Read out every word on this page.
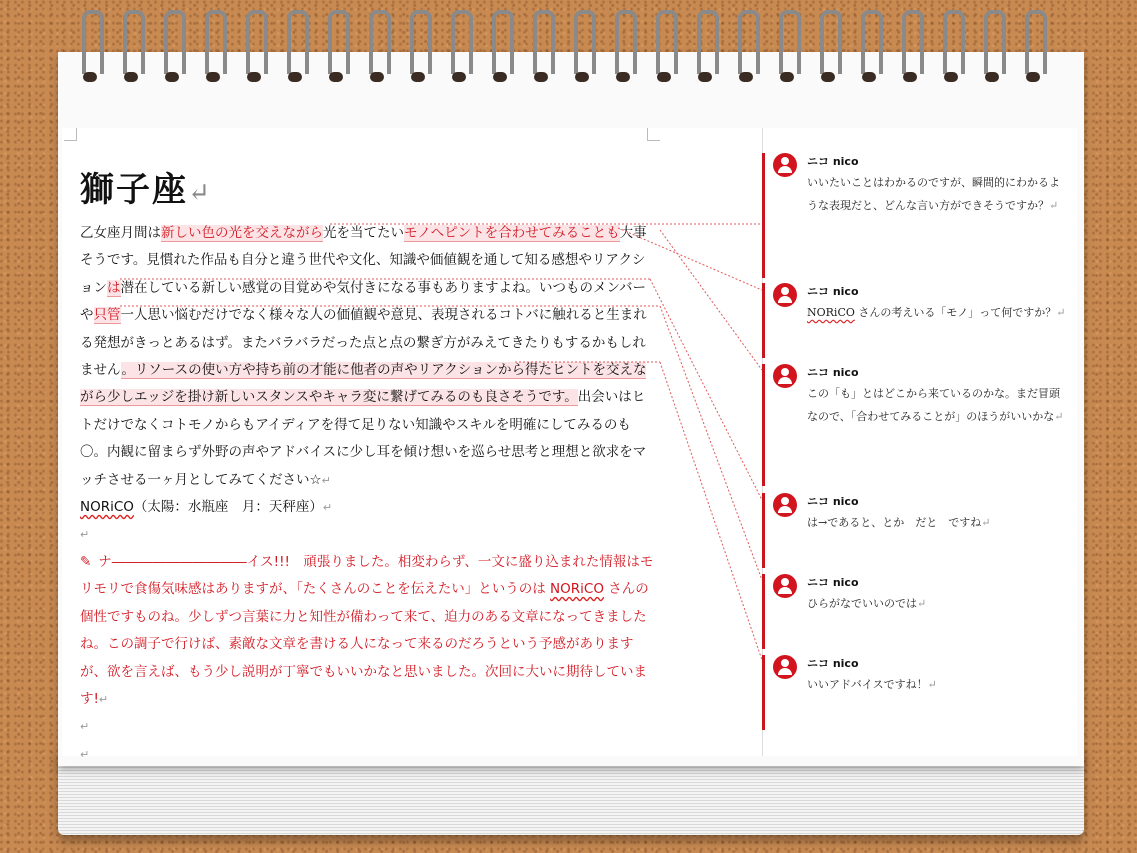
獅子座↵

乙女座月間は新しい色の光を交えながら光を当てたいモノへピントを合わせてみることも大事そうです。見慣れた作品も自分と違う世代や文化、知識や価値観を通して知る感想やリアクションは潜在している新しい感覚の目覚めや気付きになる事もありますよね。いつものメンバーや只管一人思い悩むだけでなく様々な人の価値観や意見、表現されるコトバに触れると生まれる発想がきっとあるはず。またバラバラだった点と点の繋ぎ方がみえてきたりもするかもしれません。リソースの使い方や持ち前の才能に他者の声やリアクションから得たヒントを交えながら少しエッジを掛け新しいスタンスやキャラ変に繋げてみるのも良さそうです。出会いはヒトだけでなくコトモノからもアイディアを得て足りない知識やスキルを明確にしてみるのも〇。内観に留まらず外野の声やアドバイスに少し耳を傾け想いを巡らせ思考と理想と欲求をマッチさせる一ヶ月としてみてください☆↵

NORiCO（太陽：水瓶座　月：天秤座）↵

↵

✎ ナ――――――――――イス!!!　頑張りました。相変わらず、一文に盛り込まれた情報はモリモリで食傷気味感はありますが、「たくさんのことを伝えたい」というのは NORiCO さんの個性ですものね。少しずつ言葉に力と知性が備わって来て、迫力のある文章になってきましたね。この調子で行けば、素敵な文章を書ける人になって来るのだろうという予感がありますが、欲を言えば、もう少し説明が丁寧でもいいかなと思いました。次回に大いに期待しています!↵

↵

↵

ニコ nico
いいたいことはわかるのですが、瞬間的にわかるような表現だと、どんな言い方ができそうですか？↵
ニコ nico
NORiCO さんの考えいる「モノ」って何ですか？↵
ニコ nico
この「も」とはどこから来ているのかな。まだ冒頭なので、「合わせてみることが」のほうがいいかな↵
ニコ nico
は→であると、とか　だと　ですね↵
ニコ nico
ひらがなでいいのでは↵
ニコ nico
いいアドバイスですね！↵
